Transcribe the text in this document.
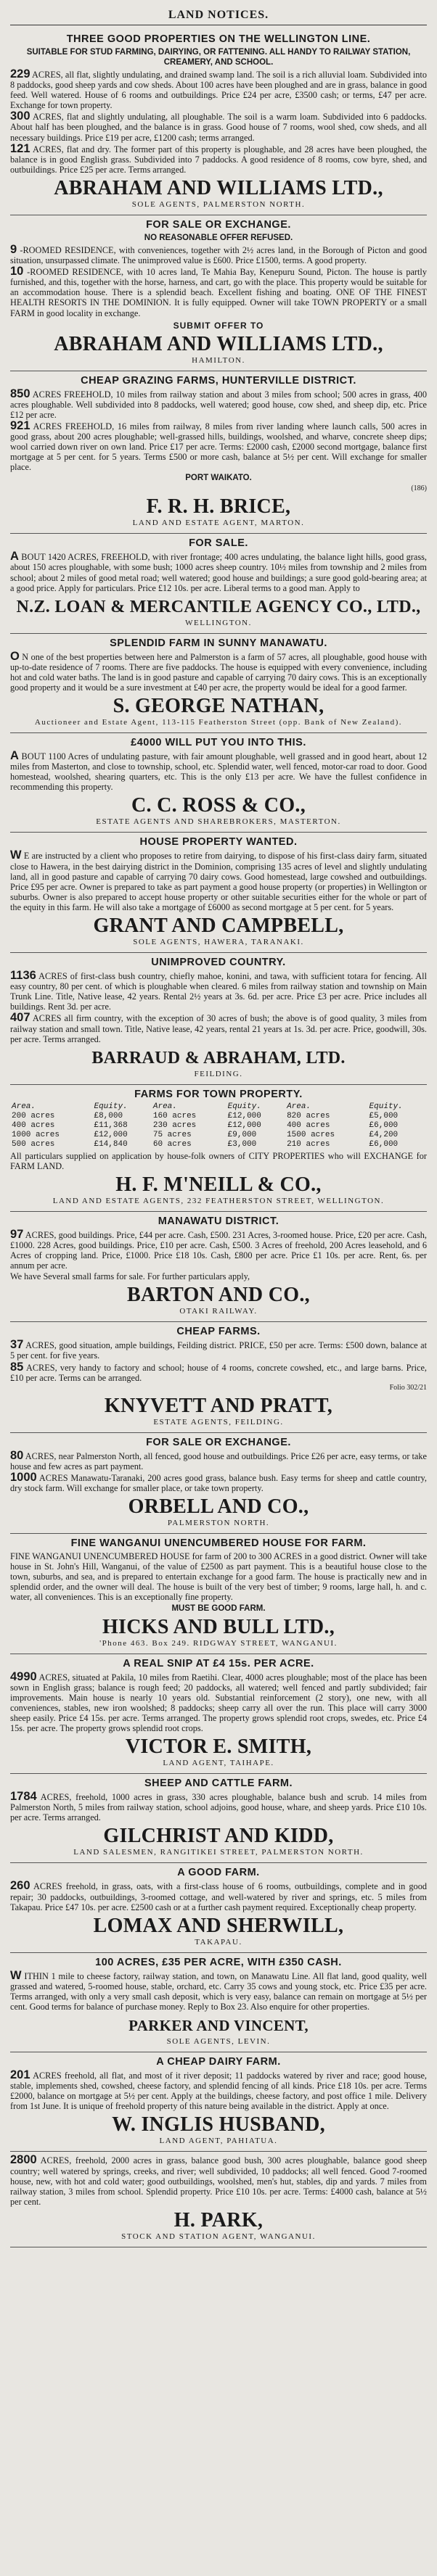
LAND NOTICES.
THREE GOOD PROPERTIES ON THE WELLINGTON LINE.
SUITABLE FOR STUD FARMING, DAIRYING, OR FATTENING. ALL HANDY TO RAILWAY STATION, CREAMERY, AND SCHOOL.
229 ACRES, all flat, slightly undulating, and drained swamp land. The soil is a rich alluvial loam. Subdivided into 8 paddocks, good sheep yards and cow sheds. About 100 acres have been ploughed and are in grass, balance in good feed. Well watered. House of 6 rooms and outbuildings. Price £24 per acre, £3500 cash; or terms, £47 per acre. Exchange for town property.
300 ACRES, flat and slightly undulating, all ploughable. The soil is a warm loam. Subdivided into 6 paddocks. About half has been ploughed, and the balance is in grass. Good house of 7 rooms, wool shed, cow sheds, and all necessary buildings. Price £19 per acre, £1200 cash; terms arranged.
121 ACRES, flat and dry. The former part of this property is ploughable, and 28 acres have been ploughed, the balance is in good English grass. Subdivided into 7 paddocks. A good residence of 8 rooms, cow byre, shed, and outbuildings. Price £25 per acre. Terms arranged.
ABRAHAM AND WILLIAMS LTD.,
SOLE AGENTS, PALMERSTON NORTH.
FOR SALE OR EXCHANGE.
NO REASONABLE OFFER REFUSED.
9 -ROOMED RESIDENCE, with conveniences, together with 2½ acres land, in the Borough of Picton and good situation, unsurpassed climate. The unimproved value is £600. Price £1500, terms. A good property.
10 -ROOMED RESIDENCE, with 10 acres land, Te Mahia Bay, Kenepuru Sound, Picton. The house is partly furnished, and this, together with the horse, harness, and cart, go with the place. This property would be suitable for an accommodation house. There is a splendid beach. Excellent fishing and boating. ONE OF THE FINEST HEALTH RESORTS IN THE DOMINION. It is fully equipped. Owner will take TOWN PROPERTY or a small FARM in good locality in exchange.
SUBMIT OFFER TO
ABRAHAM AND WILLIAMS LTD.,
HAMILTON.
CHEAP GRAZING FARMS, HUNTERVILLE DISTRICT.
850 ACRES FREEHOLD, 10 miles from railway station and about 3 miles from school; 500 acres in grass, 400 acres ploughable. Well subdivided into 8 paddocks, well watered; good house, cow shed, and sheep dip, etc. Price £12 per acre.
921 ACRES FREEHOLD, 16 miles from railway, 8 miles from river landing where launch calls, 500 acres in good grass, about 200 acres ploughable; well-grassed hills, buildings, woolshed, and wharve, concrete sheep dips; wool carried down river on own land. Price £17 per acre. Terms: £2000 cash, £2000 second mortgage, balance first mortgage at 5 per cent. for 5 years. Terms £500 or more cash, balance at 5½ per cent. Will exchange for smaller place.
PORT WAIKATO.
(186)
F. R. H. BRICE,
LAND AND ESTATE AGENT, MARTON.
FOR SALE.
A BOUT 1420 ACRES, FREEHOLD, with river frontage; 400 acres undulating, the balance light hills, good grass, about 150 acres ploughable, with some bush; 1000 acres sheep country. 10½ miles from township and 2 miles from school; about 2 miles of good metal road; well watered; good house and buildings; a sure good gold-bearing area; at a good price. Apply for particulars. Price £12 10s. per acre. Liberal terms to a good man. Apply to
N.Z. LOAN & MERCANTILE AGENCY CO., LTD.,
WELLINGTON.
SPLENDID FARM IN SUNNY MANAWATU.
O N one of the best properties between here and Palmerston is a farm of 57 acres, all ploughable, good house with up-to-date residence of 7 rooms. There are five paddocks. The house is equipped with every convenience, including hot and cold water baths. The land is in good pasture and capable of carrying 70 dairy cows. This is an exceptionally good property and it would be a sure investment at £40 per acre, the property would be ideal for a good farmer.
S. GEORGE NATHAN,
Auctioneer and Estate Agent, 113-115 Featherston Street (opp. Bank of New Zealand).
£4000 WILL PUT YOU INTO THIS.
A BOUT 1100 Acres of undulating pasture, with fair amount ploughable, well grassed and in good heart, about 12 miles from Masterton, and close to township, school, etc. Splendid water, well fenced, motor-car road to door. Good homestead, woolshed, shearing quarters, etc. This is the only £13 per acre. We have the fullest confidence in recommending this property.
C. C. ROSS & CO.,
ESTATE AGENTS AND SHAREBROKERS, MASTERTON.
HOUSE PROPERTY WANTED.
W E are instructed by a client who proposes to retire from dairying, to dispose of his first-class dairy farm, situated close to Hawera, in the best dairying district in the Dominion, comprising 135 acres of level and slightly undulating land, all in good pasture and capable of carrying 70 dairy cows. Good homestead, large cowshed and outbuildings. Price £95 per acre. Owner is prepared to take as part payment a good house property (or properties) in Wellington or suburbs. Owner is also prepared to accept house property or other suitable securities either for the whole or part of the equity in this farm. He will also take a mortgage of £6000 as second mortgage at 5 per cent. for 5 years.
GRANT AND CAMPBELL,
SOLE AGENTS, HAWERA, TARANAKI.
UNIMPROVED COUNTRY.
1136 ACRES of first-class bush country, chiefly mahoe, konini, and tawa, with sufficient totara for fencing. All easy country, 80 per cent. of which is ploughable when cleared. 6 miles from railway station and township on Main Trunk Line. Title, Native lease, 42 years. Rental 2½ years at 3s. 6d. per acre. Price £3 per acre. Price includes all buildings. Rent 3d. per acre.
407 ACRES all firm country, with the exception of 30 acres of bush; the above is of good quality, 3 miles from railway station and small town. Title, Native lease, 42 years, rental 21 years at 1s. 3d. per acre. Price, goodwill, 30s. per acre. Terms arranged.
BARRAUD & ABRAHAM, LTD.
FEILDING.
FARMS FOR TOWN PROPERTY.
Area.	Equity.	Area.	Equity.	Area.	Equity.
200 acres	£8,000	160 acres	£12,000	820 acres	£5,000
400 acres	£11,368	230 acres	£12,000	400 acres	£6,000
1000 acres	£12,000	75 acres	£9,000	1500 acres	£4,200
500 acres	£14,840	60 acres	£3,000	210 acres	£6,000
All particulars supplied on application by house-folk owners of CITY PROPERTIES who will EXCHANGE for FARM LAND.
H. F. M'NEILL & CO.,
LAND AND ESTATE AGENTS, 232 FEATHERSTON STREET, WELLINGTON.
MANAWATU DISTRICT.
97 ACRES, good buildings. Price, £44 per acre. Cash, £500. 231 Acres, 3-roomed house. Price, £20 per acre. Cash, £1000. 228 Acres, good buildings. Price, £10 per acre. Cash, £500. 3 Acres of freehold, 200 Acres leasehold, and 6 Acres of cropping land. Price, £1000. Price £18 10s. Cash, £800 per acre. Price £1 10s. per acre. Rent, 6s. per annum per acre.
We have Several small farms for sale. For further particulars apply,
BARTON AND CO.,
OTAKI RAILWAY.
CHEAP FARMS.
37 ACRES, good situation, ample buildings, Feilding district. PRICE, £50 per acre. Terms: £500 down, balance at 5 per cent. for five years.
85 ACRES, very handy to factory and school; house of 4 rooms, concrete cowshed, etc., and large barns. Price, £10 per acre. Terms can be arranged.
Folio 302/21
KNYVETT AND PRATT,
ESTATE AGENTS, FEILDING.
FOR SALE OR EXCHANGE.
80 ACRES, near Palmerston North, all fenced, good house and outbuildings. Price £26 per acre, easy terms, or take house and few acres as part payment.
1000 ACRES Manawatu-Taranaki, 200 acres good grass, balance bush. Easy terms for sheep and cattle country, dry stock farm. Will exchange for smaller place, or take town property.
ORBELL AND CO.,
PALMERSTON NORTH.
FINE WANGANUI UNENCUMBERED HOUSE FOR FARM.
FINE WANGANUI UNENCUMBERED HOUSE for farm of 200 to 300 ACRES in a good district. Owner will take house in St. John's Hill, Wanganui, of the value of £2500 as part payment. This is a beautiful house close to the town, suburbs, and sea, and is prepared to entertain exchange for a good farm. The house is practically new and in splendid order, and the owner will deal. The house is built of the very best of timber; 9 rooms, large hall, h. and c. water, all conveniences. This is an exceptionally fine property.
MUST BE GOOD FARM.
HICKS AND BULL LTD.,
'Phone 463. Box 249. RIDGWAY STREET, WANGANUI.
A REAL SNIP AT £4 15s. PER ACRE.
4990 ACRES, situated at Pakila, 10 miles from Raetihi. Clear, 4000 acres ploughable; most of the place has been sown in English grass; balance is rough feed; 20 paddocks, all watered; well fenced and partly subdivided; fair improvements. Main house is nearly 10 years old. Substantial reinforcement (2 story), one new, with all conveniences, stables, new iron woolshed; 8 paddocks; sheep carry all over the run. This place will carry 3000 sheep easily. Price £4 15s. per acre. Terms arranged. The property grows splendid root crops, swedes, etc. Price £4 15s. per acre. The property grows splendid root crops.
VICTOR E. SMITH,
LAND AGENT, TAIHAPE.
SHEEP AND CATTLE FARM.
1784 ACRES, freehold, 1000 acres in grass, 330 acres ploughable, balance bush and scrub. 14 miles from Palmerston North, 5 miles from railway station, school adjoins, good house, whare, and sheep yards. Price £10 10s. per acre. Terms arranged.
GILCHRIST AND KIDD,
LAND SALESMEN, RANGITIKEI STREET, PALMERSTON NORTH.
A GOOD FARM.
260 ACRES freehold, in grass, oats, with a first-class house of 6 rooms, outbuildings, complete and in good repair; 30 paddocks, outbuildings, 3-roomed cottage, and well-watered by river and springs, etc. 5 miles from Takapau. Price £47 10s. per acre. £2500 cash or at a further cash payment required. Exceptionally cheap property.
LOMAX AND SHERWILL,
TAKAPAU.
100 ACRES, £35 PER ACRE, WITH £350 CASH.
W ITHIN 1 mile to cheese factory, railway station, and town, on Manawatu Line. All flat land, good quality, well grassed and watered, 5-roomed house, stable, orchard, etc. Carry 35 cows and young stock, etc. Price £35 per acre. Terms arranged, with only a very small cash deposit, which is very easy, balance can remain on mortgage at 5½ per cent. Good terms for balance of purchase money. Reply to Box 23. Also enquire for other properties.
PARKER AND VINCENT,
SOLE AGENTS, LEVIN.
A CHEAP DAIRY FARM.
201 ACRES freehold, all flat, and most of it river deposit; 11 paddocks watered by river and race; good house, stable, implements shed, cowshed, cheese factory, and splendid fencing of all kinds. Price £18 10s. per acre. Terms £2000, balance on mortgage at 5½ per cent. Apply at the buildings, cheese factory, and post office 1 mile. Delivery from 1st June. It is unique of freehold property of this nature being available in the district. Apply at once.
W. INGLIS HUSBAND,
LAND AGENT, PAHIATUA.
2800 ACRES, freehold, 2000 acres in grass, balance good bush, 300 acres ploughable, balance good sheep country; well watered by springs, creeks, and river; well subdivided, 10 paddocks; all well fenced. Good 7-roomed house, new, with hot and cold water; good outbuildings, woolshed, men's hut, stables, dip and yards. 7 miles from railway station, 3 miles from school. Splendid property. Price £10 10s. per acre. Terms: £4000 cash, balance at 5½ per cent.
H. PARK,
STOCK AND STATION AGENT, WANGANUI.
